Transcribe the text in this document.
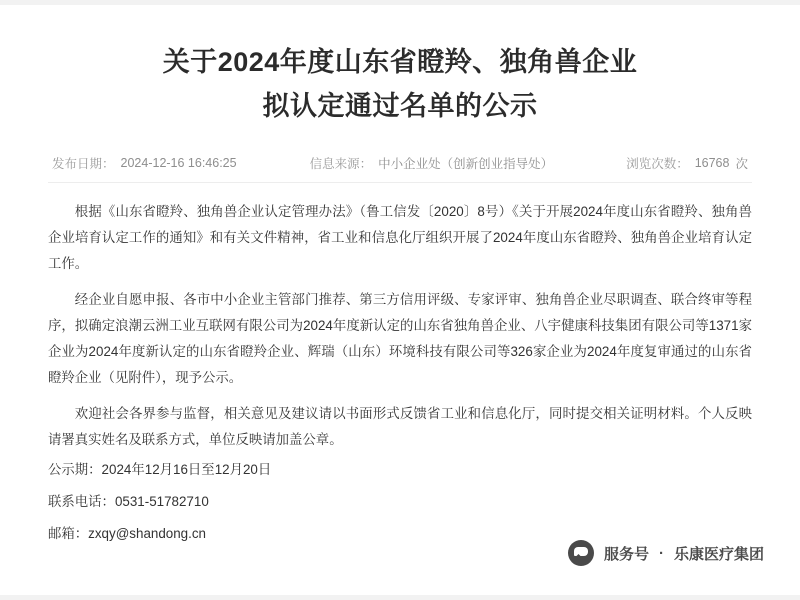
关于2024年度山东省瞪羚、独角兽企业
拟认定通过名单的公示
发布日期： 2024-12-16 16:46:25	信息来源： 中小企业处（创新创业指导处）	浏览次数： 16768 次

根据《山东省瞪羚、独角兽企业认定管理办法》（鲁工信发〔2020〕8号）《关于开展2024年度山东省瞪羚、独角兽企业培育认定工作的通知》和有关文件精神，省工业和信息化厅组织开展了2024年度山东省瞪羚、独角兽企业培育认定工作。

经企业自愿申报、各市中小企业主管部门推荐、第三方信用评级、专家评审、独角兽企业尽职调查、联合终审等程序，拟确定浪潮云洲工业互联网有限公司为2024年度新认定的山东省独角兽企业、八宇健康科技集团有限公司等1371家企业为2024年度新认定的山东省瞪羚企业、辉瑞（山东）环境科技有限公司等326家企业为2024年度复审通过的山东省瞪羚企业（见附件），现予公示。

欢迎社会各界参与监督，相关意见及建议请以书面形式反馈省工业和信息化厅，同时提交相关证明材料。个人反映请署真实姓名及联系方式，单位反映请加盖公章。

公示期：2024年12月16日至12月20日

联系电话：0531-51782710

邮箱：zxqy@shandong.cn

服务号 · 乐康医疗集团
